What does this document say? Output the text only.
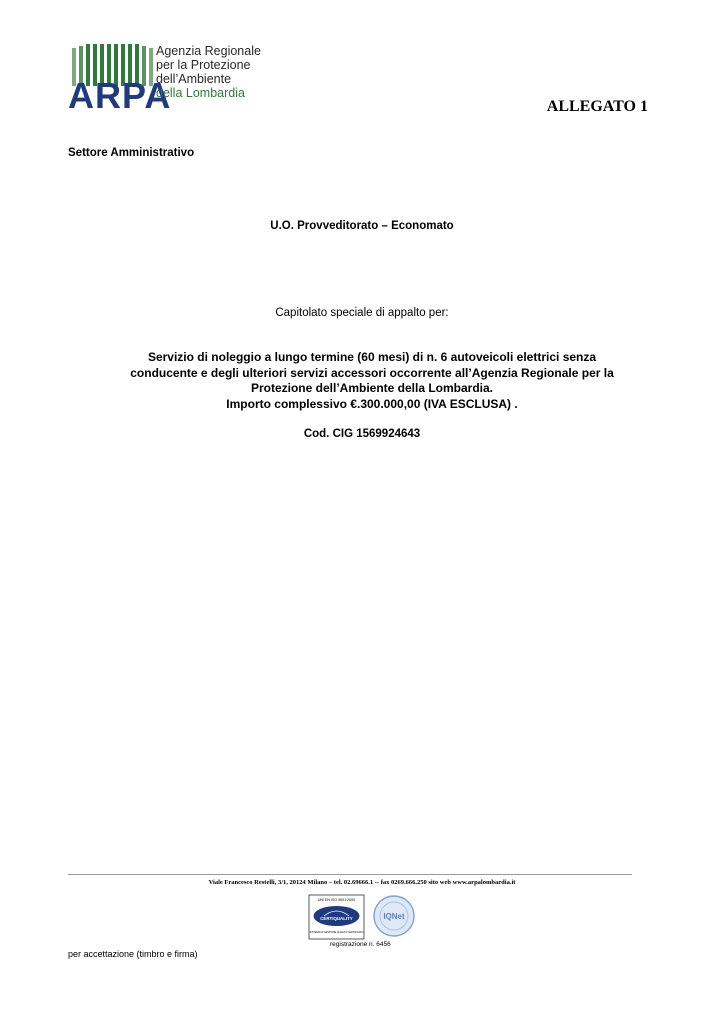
ARPA
Agenzia Regionale
per la Protezione dell’Ambiente
della Lombardia
ALLEGATO 1
Settore Amministrativo
U.O. Provveditorato – Economato
Capitolato speciale di appalto per:
Servizio di noleggio a lungo termine (60 mesi) di n. 6 autoveicoli elettrici senza
conducente e degli ulteriori servizi accessori occorrente all’Agenzia Regionale per la
Protezione dell’Ambiente della Lombardia.
Importo complessivo €.300.000,00 (IVA ESCLUSA) .
Cod. CIG 1569924643
Viale Francesco Restelli, 3/1, 20124 Milano – tel. 02.69666.1 -- fax 0269.666.250 sito web www.arpalombardia.it
UNI EN ISO 9001:2000
CERTIQUALITY
SISTEMA DI GESTIONE QUALITÀ CERTIFICATO
IQNet
registrazione n. 6456
per accettazione (timbro e firma)
